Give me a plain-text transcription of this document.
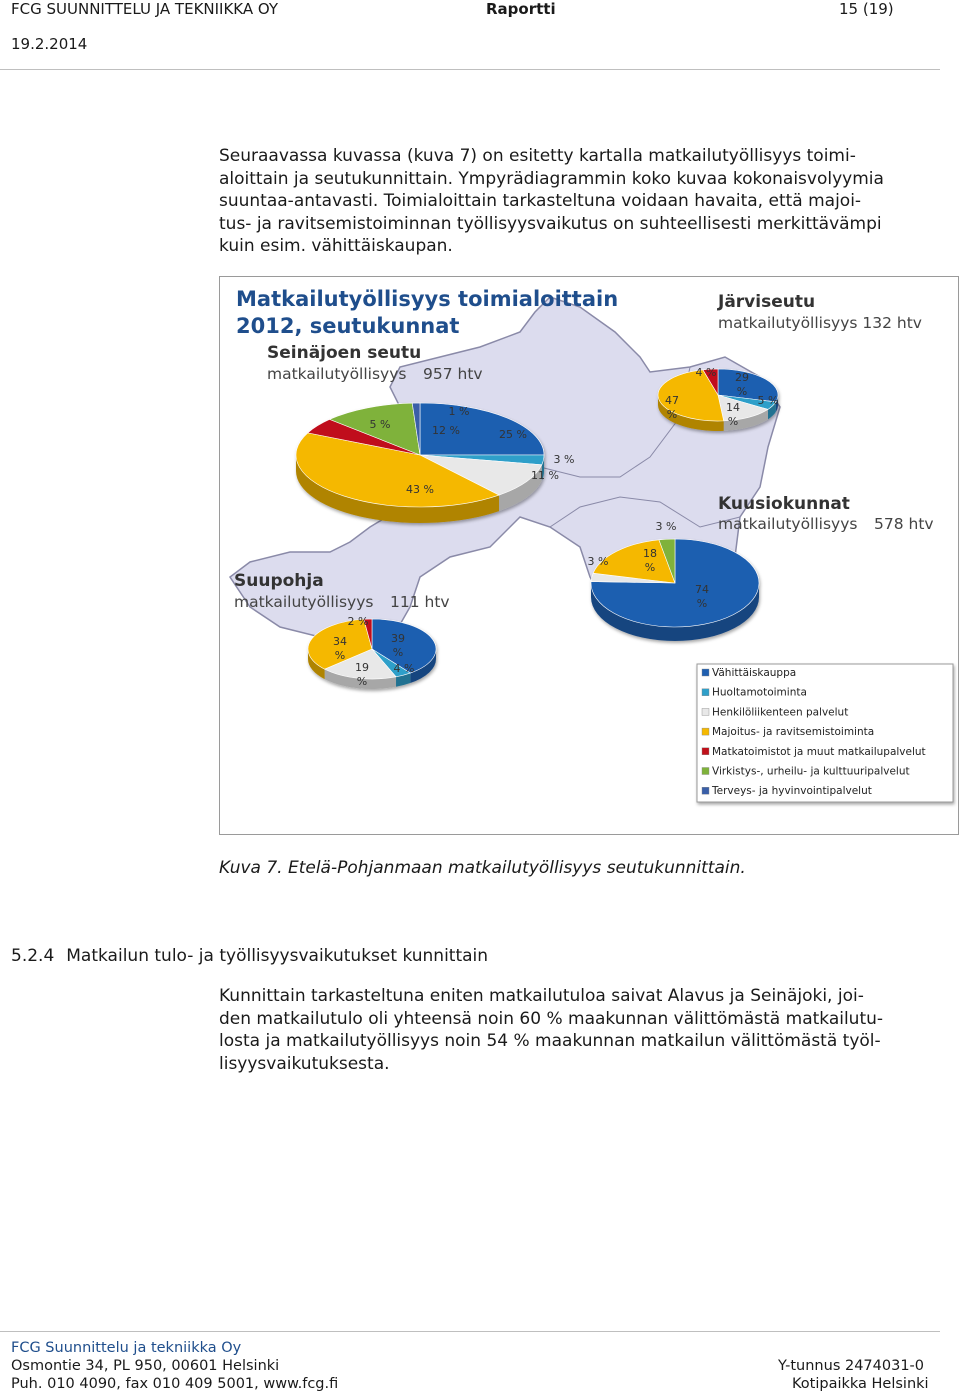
FCG SUUNNITTELU JA TEKNIIKKA OY	Raportti	15 (19)
19.2.2014
Seuraavassa kuvassa (kuva 7) on esitetty kartalla matkailutyöllisyys toimi-
aloittain ja seutukunnittain. Ympyrädiagrammin koko kuvaa kokonaisvolyymia
suuntaa-antavasti. Toimialoittain tarkasteltuna voidaan havaita, että majoi-
tus- ja ravitsemistoiminnan työllisyysvaikutus on suhteellisesti merkittävämpi
kuin esim. vähittäiskaupan.
Matkailutyöllisyys toimialoittain
2012, seutukunnat
Seinäjoen seutu
matkailutyöllisyys 957 htv
Järviseutu
matkailutyöllisyys 132 htv
Kuusiokunnat
matkailutyöllisyys 578 htv
Suupohja
matkailutyöllisyys 111 htv
25 %
3 %
11 %
43 %
5 %	12 %
1 %
29 %
5 %
14 %
47 %
4 %
74 %
3 %
18 %
3 %
39 %
4 %
19 %
34 %
2 %
Vähittäiskauppa
Huoltamotoiminta
Henkilöliikenteen palvelut
Majoitus- ja ravitsemistoiminta
Matkatoimistot ja muut matkailupalvelut
Virkistys-, urheilu- ja kulttuuripalvelut
Terveys- ja hyvinvointipalvelut
Kuva 7. Etelä-Pohjanmaan matkailutyöllisyys seutukunnittain.
5.2.4 Matkailun tulo- ja työllisyysvaikutukset kunnittain
Kunnittain tarkasteltuna eniten matkailutuloa saivat Alavus ja Seinäjoki, joi-
den matkailutulo oli yhteensä noin 60 % maakunnan välittömästä matkailutu-
losta ja matkailutyöllisyys noin 54 % maakunnan matkailun välittömästä työl-
lisyysvaikutuksesta.
FCG Suunnittelu ja tekniikka Oy
Osmontie 34, PL 950, 00601 Helsinki
Puh. 010 4090, fax 010 409 5001, www.fcg.fi
Y-tunnus 2474031-0
Kotipaikka Helsinki
